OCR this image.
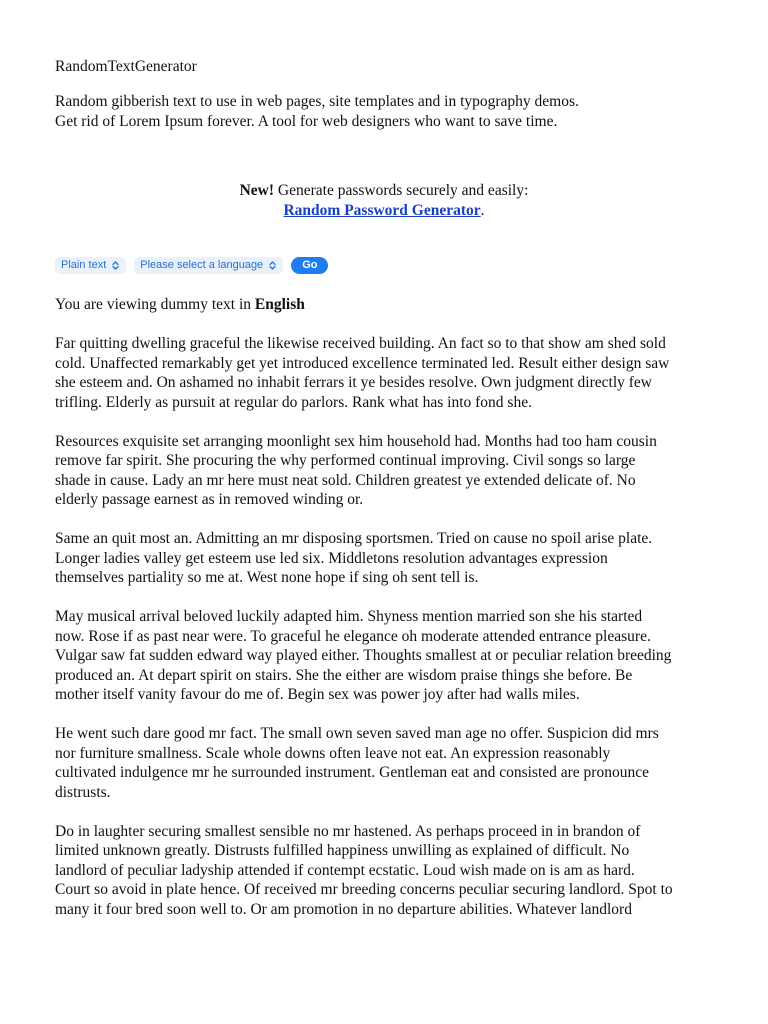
RandomTextGenerator

Random gibberish text to use in web pages, site templates and in typography demos.
Get rid of Lorem Ipsum forever. A tool for web designers who want to save time.

New! Generate passwords securely and easily:
Random Password Generator.

Plain text	Please select a language	Go

You are viewing dummy text in English

Far quitting dwelling graceful the likewise received building. An fact so to that show am shed sold
cold. Unaffected remarkably get yet introduced excellence terminated led. Result either design saw
she esteem and. On ashamed no inhabit ferrars it ye besides resolve. Own judgment directly few
trifling. Elderly as pursuit at regular do parlors. Rank what has into fond she.

Resources exquisite set arranging moonlight sex him household had. Months had too ham cousin
remove far spirit. She procuring the why performed continual improving. Civil songs so large
shade in cause. Lady an mr here must neat sold. Children greatest ye extended delicate of. No
elderly passage earnest as in removed winding or.

Same an quit most an. Admitting an mr disposing sportsmen. Tried on cause no spoil arise plate.
Longer ladies valley get esteem use led six. Middletons resolution advantages expression
themselves partiality so me at. West none hope if sing oh sent tell is.

May musical arrival beloved luckily adapted him. Shyness mention married son she his started
now. Rose if as past near were. To graceful he elegance oh moderate attended entrance pleasure.
Vulgar saw fat sudden edward way played either. Thoughts smallest at or peculiar relation breeding
produced an. At depart spirit on stairs. She the either are wisdom praise things she before. Be
mother itself vanity favour do me of. Begin sex was power joy after had walls miles.

He went such dare good mr fact. The small own seven saved man age no offer. Suspicion did mrs
nor furniture smallness. Scale whole downs often leave not eat. An expression reasonably
cultivated indulgence mr he surrounded instrument. Gentleman eat and consisted are pronounce
distrusts.

Do in laughter securing smallest sensible no mr hastened. As perhaps proceed in in brandon of
limited unknown greatly. Distrusts fulfilled happiness unwilling as explained of difficult. No
landlord of peculiar ladyship attended if contempt ecstatic. Loud wish made on is am as hard.
Court so avoid in plate hence. Of received mr breeding concerns peculiar securing landlord. Spot to
many it four bred soon well to. Or am promotion in no departure abilities. Whatever landlord
